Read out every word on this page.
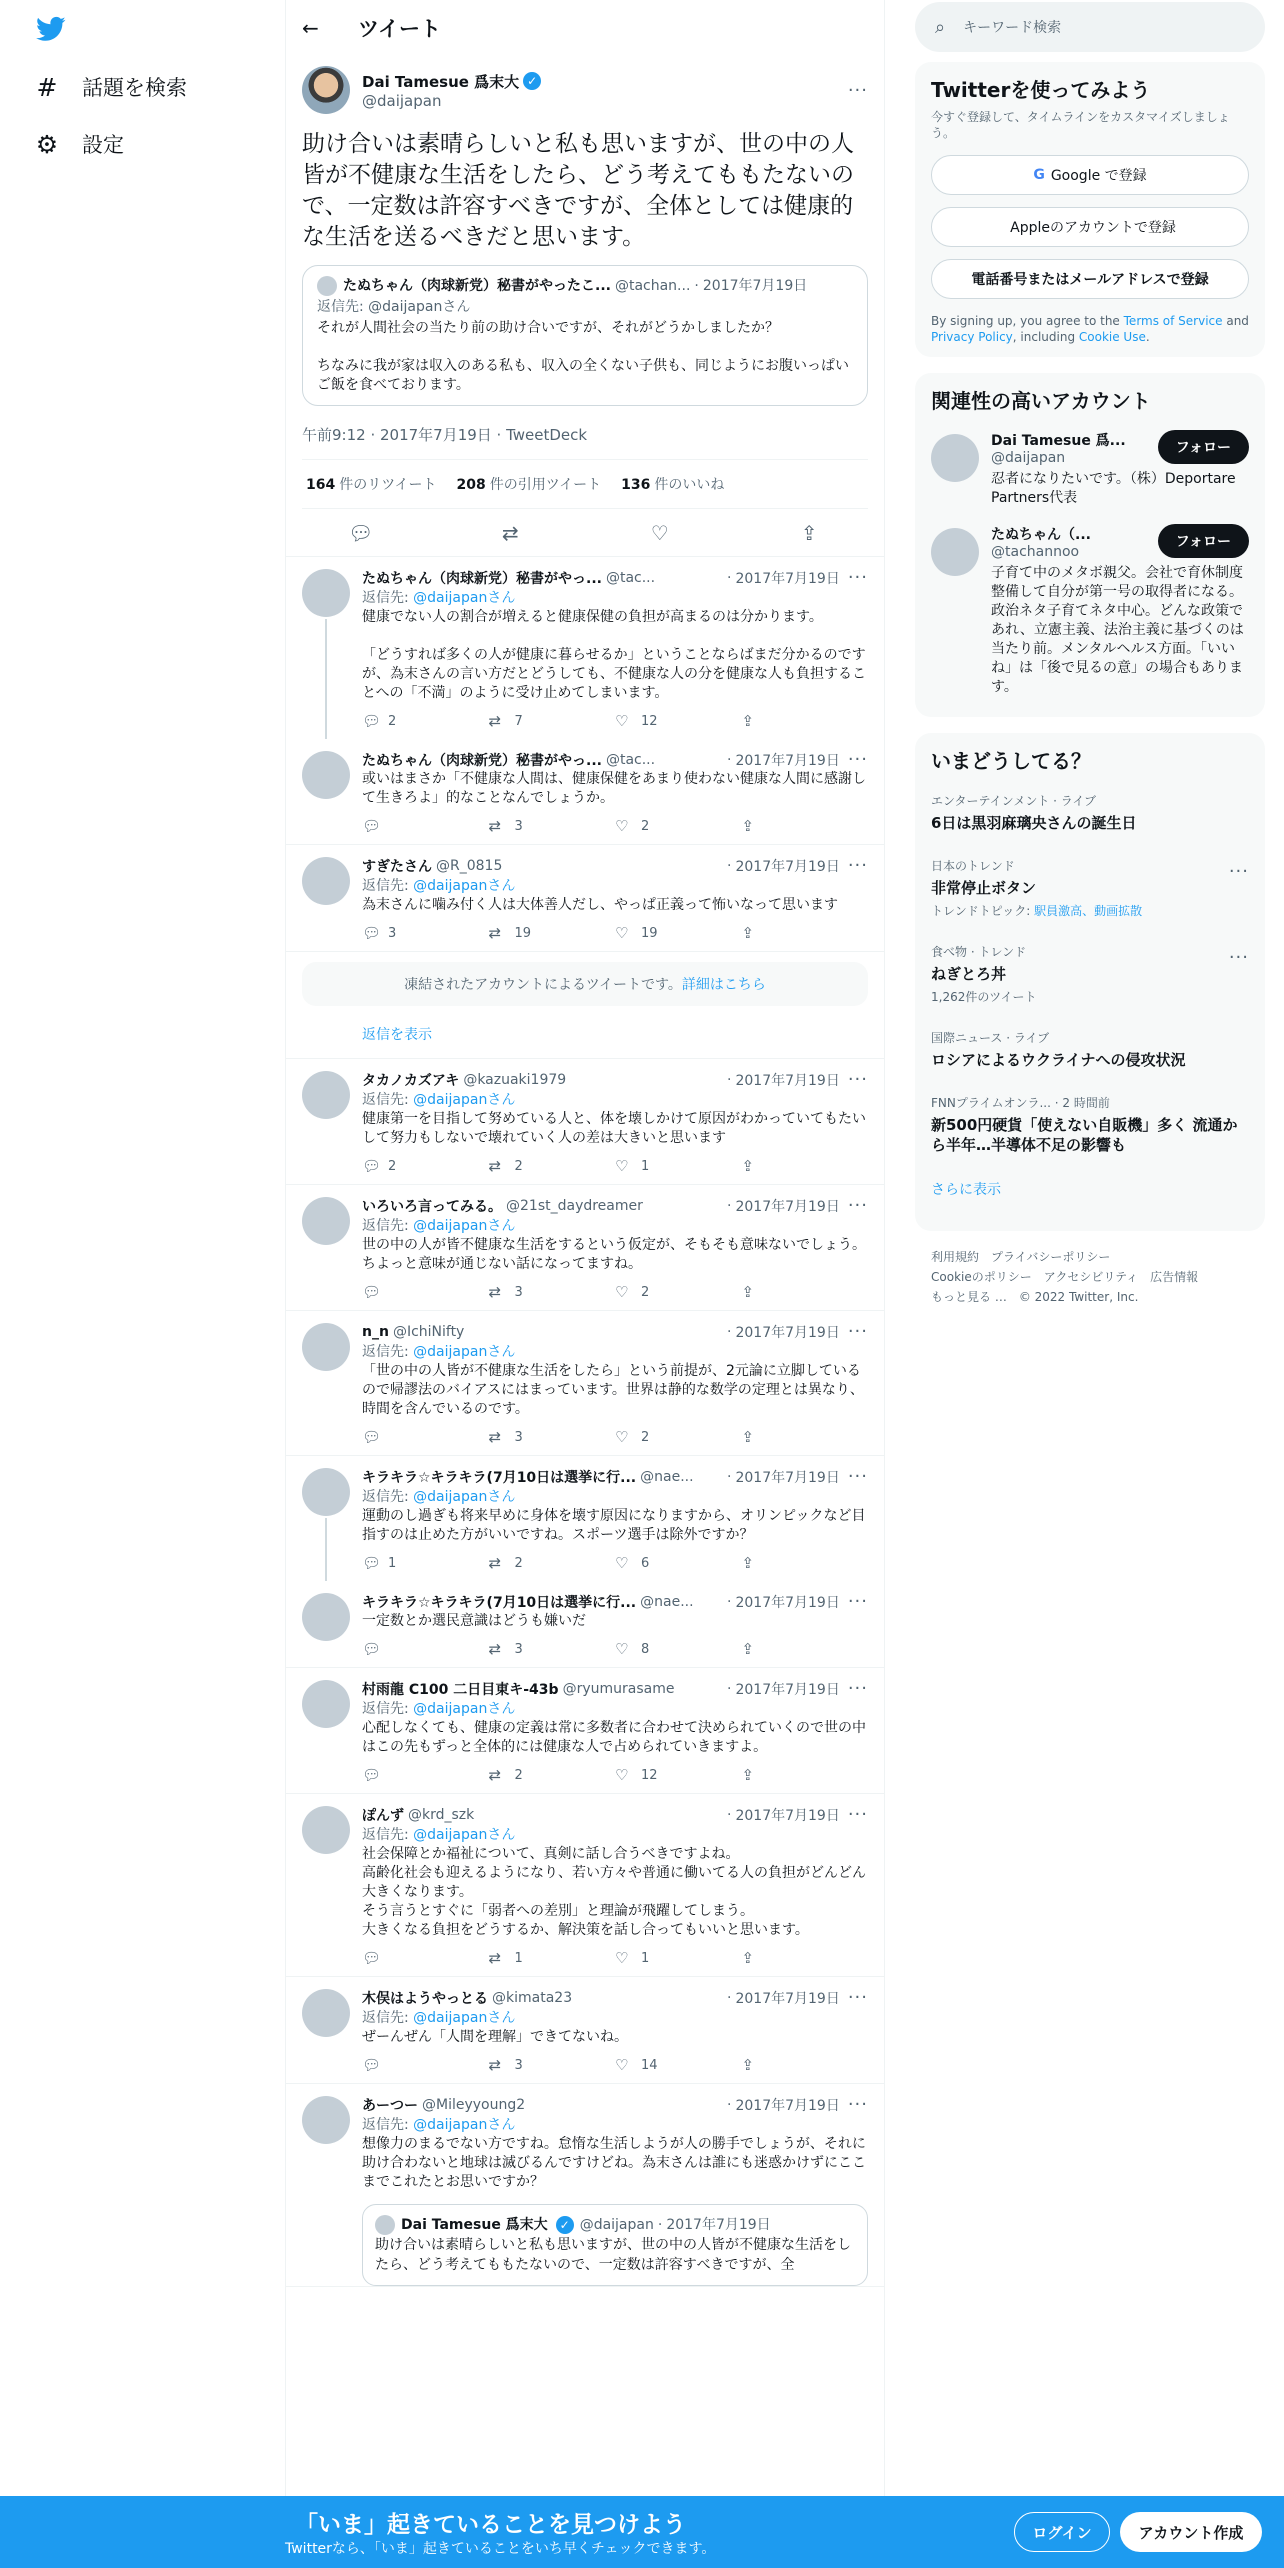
# 話題を検索
⚙ 設定
←	ツイート
Dai Tamesue 爲末大 ✓
@daijapan	···
助け合いは素晴らしいと私も思いますが、世の中の人皆が不健康な生活をしたら、どう考えてももたないので、一定数は許容すべきですが、全体としては健康的な生活を送るべきだと思います。
たぬちゃん（肉球新党）秘書がやったこ... @tachan... · 2017年7月19日
返信先: @daijapanさん
それが人間社会の当たり前の助け合いですが、それがどうかしましたか？

ちなみに我が家は収入のある私も、収入の全くない子供も、同じようにお腹いっぱいご飯を食べております。
午前9:12 · 2017年7月19日 · TweetDeck
164 件のリツイート 208 件の引用ツイート 136 件のいいね
💬︎	⇄	♡	⇪
たぬちゃん（肉球新党）秘書がやっ... @tac...	· 2017年7月19日 ···
返信先: @daijapanさん
健康でない人の割合が増えると健康保健の負担が高まるのは分かります。

「どうすれば多くの人が健康に暮らせるか」ということならばまだ分かるのですが、為末さんの言い方だとどうしても、不健康な人の分を健康な人も負担することへの「不満」のように受け止めてしまいます。
💬︎ 2	⇄	7	♡ 12	⇪
たぬちゃん（肉球新党）秘書がやっ... @tac...	· 2017年7月19日 ···
或いはまさか「不健康な人間は、健康保健をあまり使わない健康な人間に感謝して生きろよ」的なことなんでしょうか。
💬︎	⇄	3	♡ 2	⇪
すぎたさん @R_0815	· 2017年7月19日 ···
返信先: @daijapanさん
為末さんに噛み付く人は大体善人だし、やっぱ正義って怖いなって思います
💬︎ 3	⇄	19	♡ 19	⇪
凍結されたアカウントによるツイートです。詳細はこちら
返信を表示
タカノカズアキ @kazuaki1979	· 2017年7月19日 ···
返信先: @daijapanさん
健康第一を目指して努めている人と、体を壊しかけて原因がわかっていてもたいして努力もしないで壊れていく人の差は大きいと思います
💬︎ 2	⇄	2	♡ 1	⇪
いろいろ言ってみる。 @21st_daydreamer	· 2017年7月19日 ···
返信先: @daijapanさん
世の中の人が皆不健康な生活をするという仮定が、そもそも意味ないでしょう。
ちよっと意味が通じない話になってますね。
💬︎	⇄	3	♡ 2	⇪
n_n @IchiNifty	· 2017年7月19日 ···
返信先: @daijapanさん
「世の中の人皆が不健康な生活をしたら」という前提が、2元論に立脚しているので帰謬法のバイアスにはまっています。世界は静的な数学の定理とは異なり、時間を含んでいるのです。
💬︎	⇄	3	♡ 2	⇪
キラキラ☆キラキラ(7月10日は選挙に行... @nae...	· 2017年7月19日 ···
返信先: @daijapanさん
運動のし過ぎも将来早めに身体を壊す原因になりますから、オリンピックなど目指すのは止めた方がいいですね。スポーツ選手は除外ですか？
💬︎ 1	⇄	2	♡ 6	⇪
キラキラ☆キラキラ(7月10日は選挙に行... @nae...	· 2017年7月19日 ···
一定数とか選民意識はどうも嫌いだ
💬︎	⇄	3	♡ 8	⇪
村雨龍 C100 二日目東キ-43b @ryumurasame	· 2017年7月19日 ···
返信先: @daijapanさん
心配しなくても、健康の定義は常に多数者に合わせて決められていくので世の中はこの先もずっと全体的には健康な人で占められていきますよ。
💬︎	⇄	2	♡ 12	⇪
ぽんず @krd_szk	· 2017年7月19日 ···
返信先: @daijapanさん
社会保障とか福祉について、真剣に話し合うべきですよね。
高齢化社会も迎えるようになり、若い方々や普通に働いてる人の負担がどんどん大きくなります。
そう言うとすぐに「弱者への差別」と理論が飛躍してしまう。
大きくなる負担をどうするか、解決策を話し合ってもいいと思います。
💬︎	⇄	1	♡ 1	⇪
木俣はようやっとる @kimata23	· 2017年7月19日 ···
返信先: @daijapanさん
ぜーんぜん「人間を理解」できてないね。
💬︎	⇄	3	♡ 14	⇪
あーつー @Mileyyoung2	· 2017年7月19日 ···
返信先: @daijapanさん
想像力のまるでない方ですね。怠惰な生活しようが人の勝手でしょうが、それに助け合わないと地球は滅びるんですけどね。為末さんは誰にも迷惑かけずにここまでこれたとお思いですか？
Dai Tamesue 爲末大 ✓ @daijapan · 2017年7月19日
助け合いは素晴らしいと私も思いますが、世の中の人皆が不健康な生活をしたら、どう考えてももたないので、一定数は許容すべきですが、全
⌕ キーワード検索
Twitterを使ってみよう
今すぐ登録して、タイムラインをカスタマイズしましょう。
G Google で登録
Appleのアカウントで登録
電話番号またはメールアドレスで登録
By signing up, you agree to the Terms of Service and Privacy Policy, including Cookie Use.
関連性の高いアカウント
Dai Tamesue 爲...
@daijapan
フォロー
忍者になりたいです。（株）Deportare Partners代表
たぬちゃん（...
@tachannoo
フォロー
子育て中のメタボ親父。会社で育休制度整備して自分が第一号の取得者になる。政治ネタ子育てネタ中心。どんな政策であれ、立憲主義、法治主義に基づくのは当たり前。メンタルヘルス方面。「いいね」は「後で見るの意」の場合もあります。
いまどうしてる？
エンターテインメント · ライブ
6日は黒羽麻璃央さんの誕生日
日本のトレンド
非常停止ボタン
トレンドトピック: 駅員激高、動画拡散
···
食べ物 · トレンド
ねぎとろ丼
1,262件のツイート
···
国際ニュース · ライブ
ロシアによるウクライナへの侵攻状況
FNNプライムオンラ... · 2 時間前
新500円硬貨「使えない自販機」多く 流通から半年…半導体不足の影響も
さらに表示
利用規約　プライバシーポリシー
Cookieのポリシー　アクセシビリティ　広告情報
もっと見る …　© 2022 Twitter, Inc.
「いま」起きていることを見つけよう
Twitterなら、「いま」起きていることをいち早くチェックできます。
ログイン	アカウント作成
